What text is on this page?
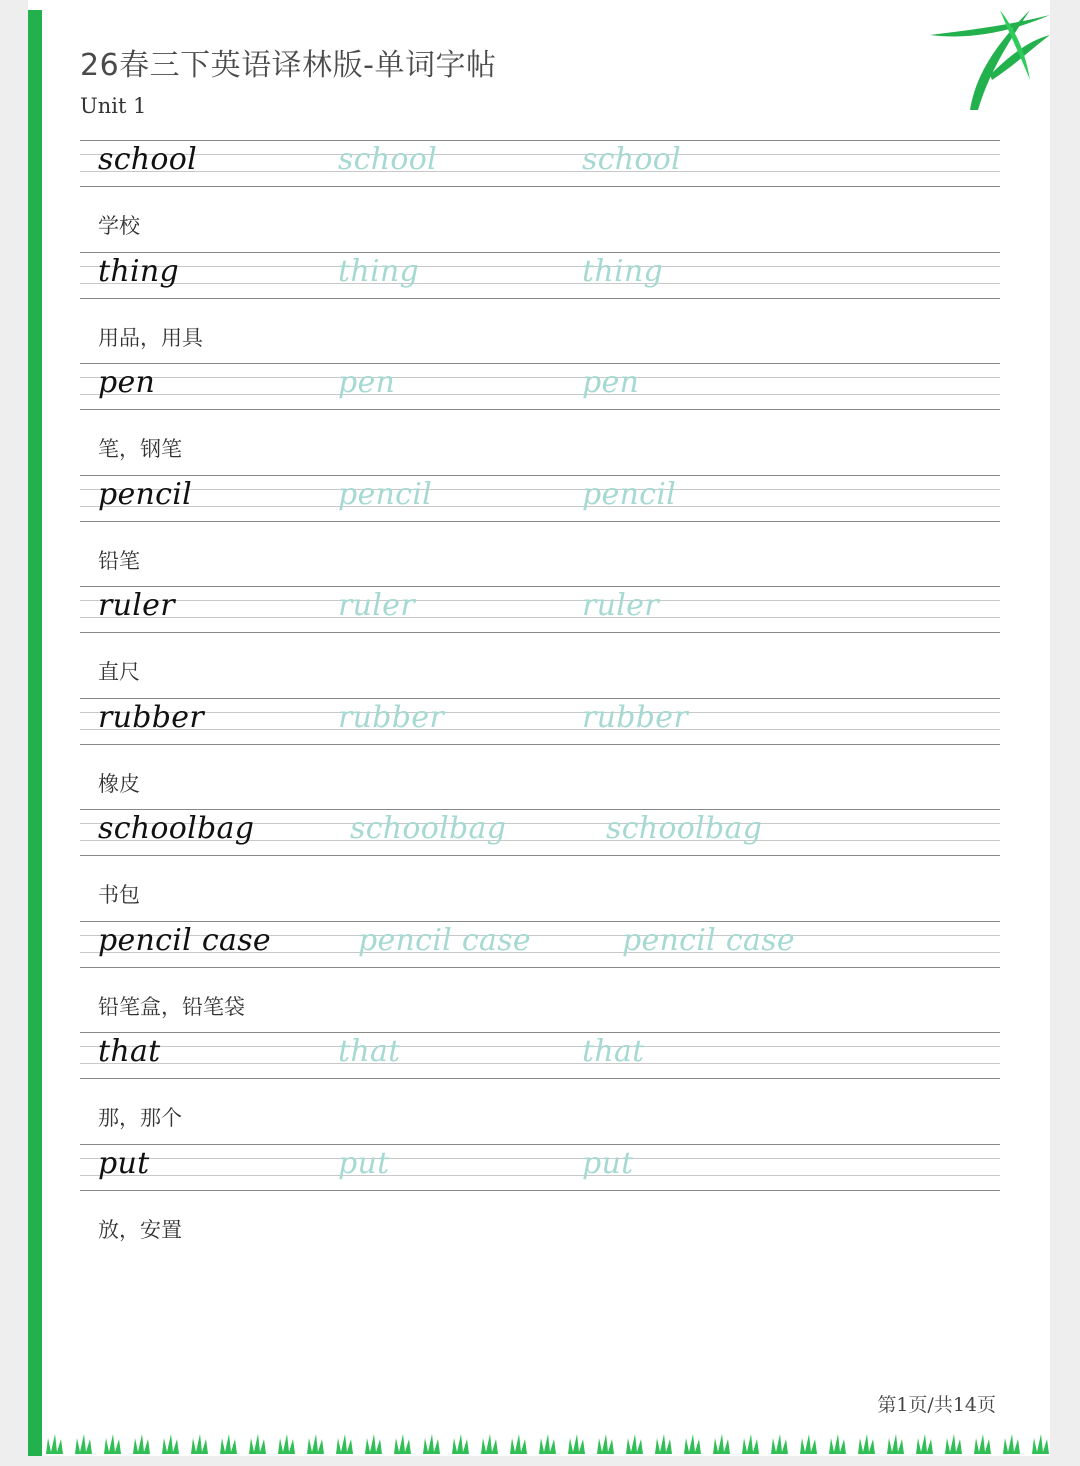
26春三下英语译林版-单词字帖

Unit 1

school	school	school
学校
thing	thing	thing
用品，用具
pen	pen	pen
笔，钢笔
pencil	pencil	pencil
铅笔
ruler	ruler	ruler
直尺
rubber	rubber	rubber
橡皮
schoolbag	schoolbag	schoolbag
书包
pencil case	pencil case	pencil case
铅笔盒，铅笔袋
that	that	that
那，那个
put	put	put
放，安置
第1页/共14页
